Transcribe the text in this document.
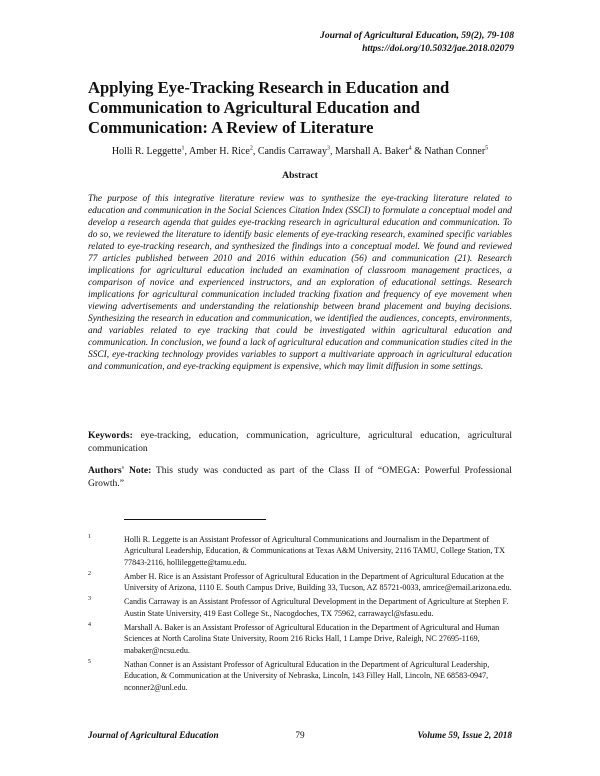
Journal of Agricultural Education, 59(2), 79-108
https://doi.org/10.5032/jae.2018.02079
Applying Eye-Tracking Research in Education and Communication to Agricultural Education and Communication: A Review of Literature
Holli R. Leggette$^1$, Amber H. Rice$^2$, Candis Carraway$^3$, Marshall A. Baker$^4$ & Nathan Conner$^5$
Abstract

The purpose of this integrative literature review was to synthesize the eye-tracking literature related to education and communication in the Social Sciences Citation Index (SSCI) to formulate a conceptual model and develop a research agenda that guides eye-tracking research in agricultural education and communication. To do so, we reviewed the literature to identify basic elements of eye-tracking research, examined specific variables related to eye-tracking research, and synthesized the findings into a conceptual model. We found and reviewed 77 articles published between 2010 and 2016 within education (56) and communication (21). Research implications for agricultural education included an examination of classroom management practices, a comparison of novice and experienced instructors, and an exploration of educational settings. Research implications for agricultural communication included tracking fixation and frequency of eye movement when viewing advertisements and understanding the relationship between brand placement and buying decisions. Synthesizing the research in education and communication, we identified the audiences, concepts, environments, and variables related to eye tracking that could be investigated within agricultural education and communication. In conclusion, we found a lack of agricultural education and communication studies cited in the SSCI, eye-tracking technology provides variables to support a multivariate approach in agricultural education and communication, and eye-tracking equipment is expensive, which may limit diffusion in some settings.

Keywords: eye-tracking, education, communication, agriculture, agricultural education, agricultural communication

Authors' Note: This study was conducted as part of the Class II of “OMEGA: Powerful Professional Growth.”

1	Holli R. Leggette is an Assistant Professor of Agricultural Communications and Journalism in the Department of Agricultural Leadership, Education, & Communications at Texas A&M University, 2116 TAMU, College Station, TX 77843-2116, hollileggette@tamu.edu.
2	Amber H. Rice is an Assistant Professor of Agricultural Education in the Department of Agricultural Education at the University of Arizona, 1110 E. South Campus Drive, Building 33, Tucson, AZ 85721-0033, amrice@email.arizona.edu.
3	Candis Carraway is an Assistant Professor of Agricultural Development in the Department of Agriculture at Stephen F. Austin State University, 419 East College St., Nacogdoches, TX 75962, carrawaycl@sfasu.edu.
4	Marshall A. Baker is an Assistant Professor of Agricultural Education in the Department of Agricultural and Human Sciences at North Carolina State University, Room 216 Ricks Hall, 1 Lampe Drive, Raleigh, NC 27695-1169, mabaker@ncsu.edu.
5	Nathan Conner is an Assistant Professor of Agricultural Education in the Department of Agricultural Leadership, Education, & Communication at the University of Nebraska, Lincoln, 143 Filley Hall, Lincoln, NE 68583-0947, nconner2@unl.edu.
Journal of Agricultural Education	79	Volume 59, Issue 2, 2018
